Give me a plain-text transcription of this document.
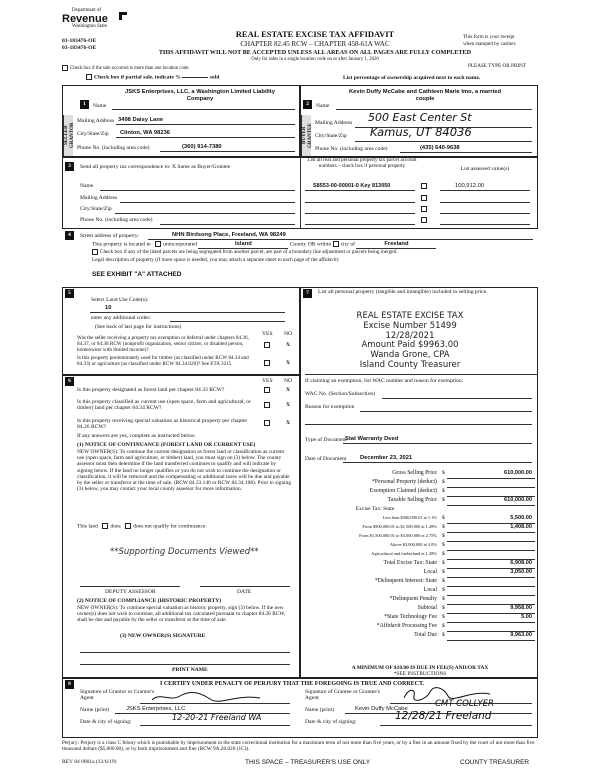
Department of
Revenue
Washington State
03-183476-OE
03-183476-OE
REAL ESTATE EXCISE TAX AFFIDAVIT
CHAPTER 82.45 RCW – CHAPTER 458-61A WAC
THIS AFFIDAVIT WILL NOT BE ACCEPTED UNLESS ALL AREAS ON ALL PAGES ARE FULLY COMPLETED
Only for sales in a single location code on or after January 1, 2020
This form is your receipt
when stamped by cashier.
PLEASE TYPE OR PRINT
Check box if the sale occurred is more than one location code.
Check box if partial sale, indicate %	sold	List percentage of ownership acquired next to each name.
1	2
SELLER GRANTOR	BUYER GRANTEE
Name
JSKS Enterprises, LLC, a Washington Limited Liability Company
Mailing Address 3498 Daisy Lane
City/State/Zip Clinton, WA 98236
Phone No. (including area code)	(360) 914-7380
Name
Kevin Duffy McCabe and Cathleen Marie Imo, a married couple
Mailing Address 500 East Center St
City/State/Zip Kamus, UT 84036
Phone No. (including area code)	(435) 640-9638
3	Send all property tax correspondence to: X Same as Buyer/Grantee
Name
Mailing Address
City/State/Zip
Phone No. (including area code)
List all real and personal property tax parcel account numbers – check box if personal property
List assessed value(s)
S8553-00-00001-0 Key 813050	100,912.00
4	Street address of property:	NHN Birdsong Place, Freeland, WA 98249
This property is located in unincorporated	Island	County OR within city of	Freeland
Check box if any of the listed parcels are being segregated from another parcel, are part of a boundary line adjustment or parcels being merged.
Legal description of property (if more space is needed, you may attach a separate sheet to each page of the affidavit)
SEE EXHIBIT "A" ATTACHED
5
Select Land Use Code(s):
10
enter any additional codes:
(See back of last page for instructions)
YES NO
Was the seller receiving a property tax exemption or deferral under chapters 84.36, 84.37, or 84.38 RCW (nonprofit organization, senior citizen, or disabled person, homeowner with limited income)?
X
Is this property predominately used for timber (as classified under RCW 84.34 and 84.33) or agriculture (as classified under RCW 84.34.020)? See ETA 3215	X
6	YES NO
Is this property designated as forest land per chapter 84.33 RCW?	X
Is this property classified as current use (open space, farm and agricultural, or timber) land per chapter 84.34 RCW?
X
Is this property receiving special valuation as historical property per chapter 84.26 RCW?
X
If any answers are yes, complete as instructed below.
(1) NOTICE OF CONTINUANCE (FOREST LAND OR CURRENT USE)
NEW OWNER(S): To continue the current designation as forest land or classification as current use (open space, farm and agriculture, or timber) land, you must sign on (3) below. The county assessor must then determine if the land transferred continues to qualify and will indicate by signing below. If the land no longer qualifies or you do not wish to continue the designation or classification, it will be removed and the compensating or additional taxes will be due and payable by the seller or transferor at the time of sale. (RCW 84.33.140 or RCW 84.34.108). Prior to signing (3) below, you may contact your local county assessor for more information.
This land does does not qualify for continuance.
**Supporting Documents Viewed**
DEPUTY ASSESSOR	DATE
(2) NOTICE OF COMPLIANCE (HISTORIC PROPERTY)
NEW OWNER(S): To continue special valuation as historic property, sign (3) below. If the new owner(s) does not wish to continue, all additional tax calculated pursuant to chapter 84.26 RCW, shall be due and payable by the seller or transferor at the time of sale.
(3) NEW OWNER(S) SIGNATURE
PRINT NAME
7	List all personal property (tangible and intangible) included in selling price.
REAL ESTATE EXCISE TAX
Excise Number 51499
12/28/2021
Amount Paid $9963.00
Wanda Grone, CPA
Island County Treasurer
If claiming an exemption, list WAC number and reason for exemption:
WAC No. (Section/Subsection)
Reason for exemption
Type of Document
Stat Warranty Deed
Date of Document December 23, 2021
Gross Selling Price $	610,000.00
*Personal Property (deduct) $
Exemption Claimed (deduct) $
Taxable Selling Price $	610,000.00
Excise Tax: State
Less than $500,000.01 at 1.1% $	5,500.00
From $500,000.01 to $1,500,000 at 1.28% $	1,408.00
From $1,500,000.01 to $3,000,000 at 2.75% $
Above $3,000,000 at 3.0% $
Agricultural and timberland at 1.28% $
Total Excise Tax: State $	6,908.00
Local $	3,050.00
*Delinquent Interest: State $
Local $
*Delinquent Penalty $
Subtotal $	9,958.00
*State Technology Fee $	5.00
*Affidavit Processing Fee $
Total Due $	9,963.00
A MINIMUM OF $10.00 IS DUE IN FEE(S) AND/OR TAX
*SEE INSTRUCTIONS
8	I CERTIFY UNDER PENALTY OF PERJURY THAT THE FOREGOING IS TRUE AND CORRECT.
Signature of Grantor or Grantor's Agent
Name (print)	JSKS Enterprises, LLC
Date & city of signing:	12-20-21 Freeland WA
Signature of Grantee or Grantee's Agent
Name (print)	Kevin Duffy McCabe	CMT COLLYER
Date & city of signing:	12/28/21 Freeland
Perjury: Perjury is a class C felony which is punishable by imprisonment in the state correctional institution for a maximum term of not more than five years, or by a fine in an amount fixed by the court of not more than five thousand dollars ($5,000.00), or by both imprisonment and fine (RCW 9A.20.020 (1C)).
REV 84 0001a (12/6/19)	THIS SPACE – TREASURER'S USE ONLY	COUNTY TREASURER
